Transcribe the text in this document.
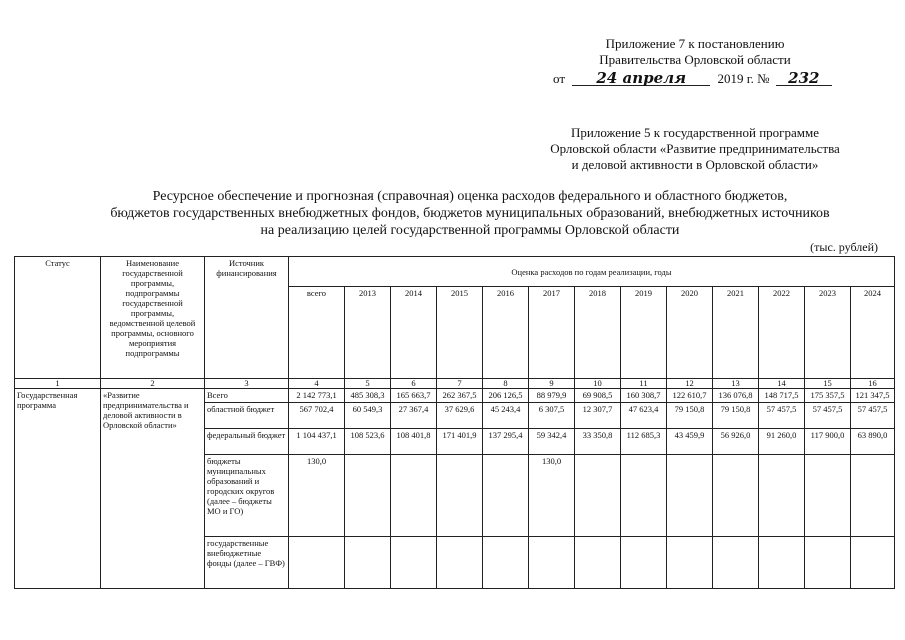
Приложение 7 к постановлению
Правительства Орловской области
от 24 апреля 2019 г. № 232
Приложение 5 к государственной программе
Орловской области «Развитие предпринимательства
и деловой активности в Орловской области»
Ресурсное обеспечение и прогнозная (справочная) оценка расходов федерального и областного бюджетов,
бюджетов государственных внебюджетных фондов, бюджетов муниципальных образований, внебюджетных источников
на реализацию целей государственной программы Орловской области
(тыс. рублей)
Статус	Наименование государственной программы, подпрограммы государственной программы, ведомственной целевой программы, основного мероприятия подпрограммы	Источник финансирования	Оценка расходов по годам реализации, годы												
			всего	2013	2014	2015	2016	2017	2018	2019	2020	2021	2022	2023	2024
1	2	3	4	5	6	7	8	9	10	11	12	13	14	15	16
Государственная программа	«Развитие предпринимательства и деловой активности в Орловской области»	Всего	2 142 773,1	485 308,3	165 663,7	262 367,5	206 126,5	88 979,9	69 908,5	160 308,7	122 610,7	136 076,8	148 717,5	175 357,5	121 347,5
		областной бюджет	567 702,4	60 549,3	27 367,4	37 629,6	45 243,4	6 307,5	12 307,7	47 623,4	79 150,8	79 150,8	57 457,5	57 457,5	57 457,5
		федеральный бюджет	1 104 437,1	108 523,6	108 401,8	171 401,9	137 295,4	59 342,4	33 350,8	112 685,3	43 459,9	56 926,0	91 260,0	117 900,0	63 890,0
		бюджеты муниципальных образований и городских округов (далее – бюджеты МО и ГО)	130,0					130,0							
		государственные внебюджетные фонды (далее – ГВФ)													
